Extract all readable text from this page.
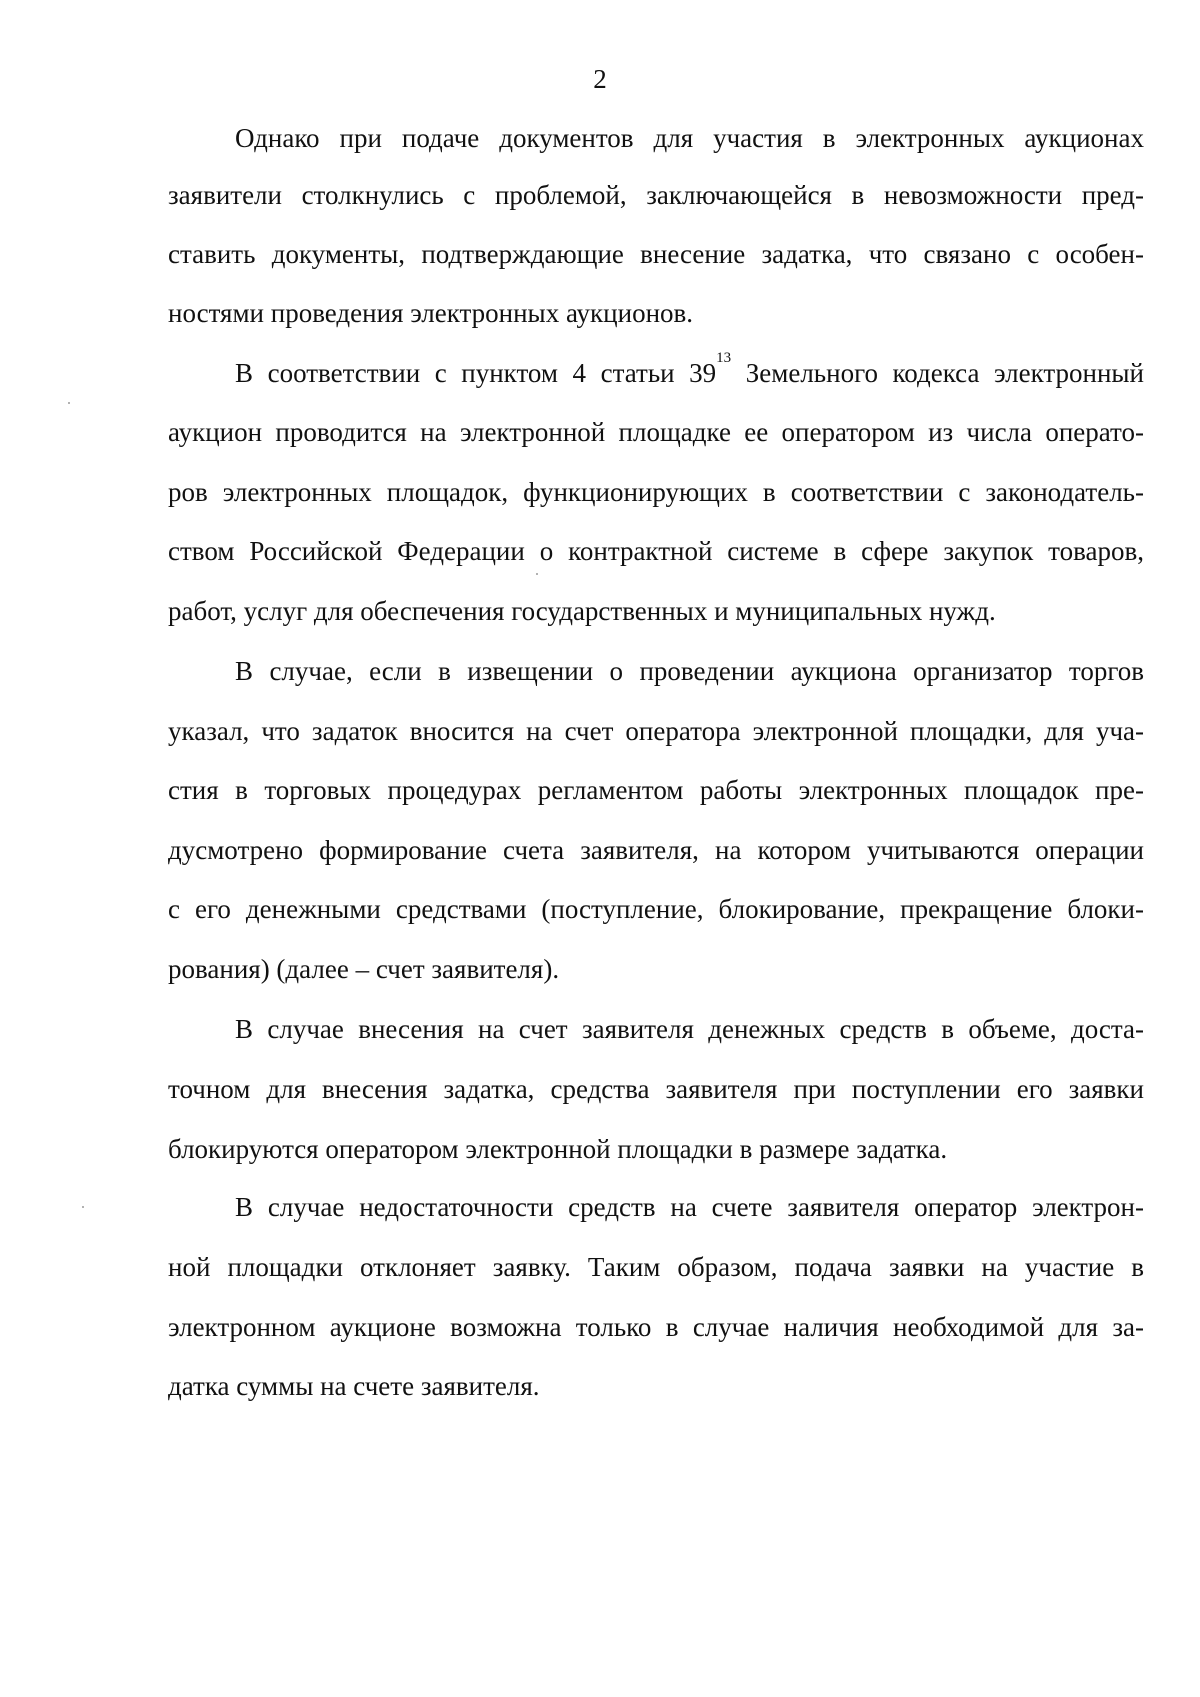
2
Однако при подаче документов для участия в электронных аукционах
заявители столкнулись с проблемой, заключающейся в невозможности пред-
ставить документы, подтверждающие внесение задатка, что связано с особен-
ностями проведения электронных аукционов.
В соответствии с пунктом 4 статьи $39^{13}$ Земельного кодекса электронный
аукцион проводится на электронной площадке ее оператором из числа операто-
ров электронных площадок, функционирующих в соответствии с законодатель-
ством Российской Федерации о контрактной системе в сфере закупок товаров,
работ, услуг для обеспечения государственных и муниципальных нужд.
В случае, если в извещении о проведении аукциона организатор торгов
указал, что задаток вносится на счет оператора электронной площадки, для уча-
стия в торговых процедурах регламентом работы электронных площадок пре-
дусмотрено формирование счета заявителя, на котором учитываются операции
с его денежными средствами (поступление, блокирование, прекращение блоки-
рования) (далее – счет заявителя).
В случае внесения на счет заявителя денежных средств в объеме, доста-
точном для внесения задатка, средства заявителя при поступлении его заявки
блокируются оператором электронной площадки в размере задатка.
В случае недостаточности средств на счете заявителя оператор электрон-
ной площадки отклоняет заявку. Таким образом, подача заявки на участие в
электронном аукционе возможна только в случае наличия необходимой для за-
датка суммы на счете заявителя.
